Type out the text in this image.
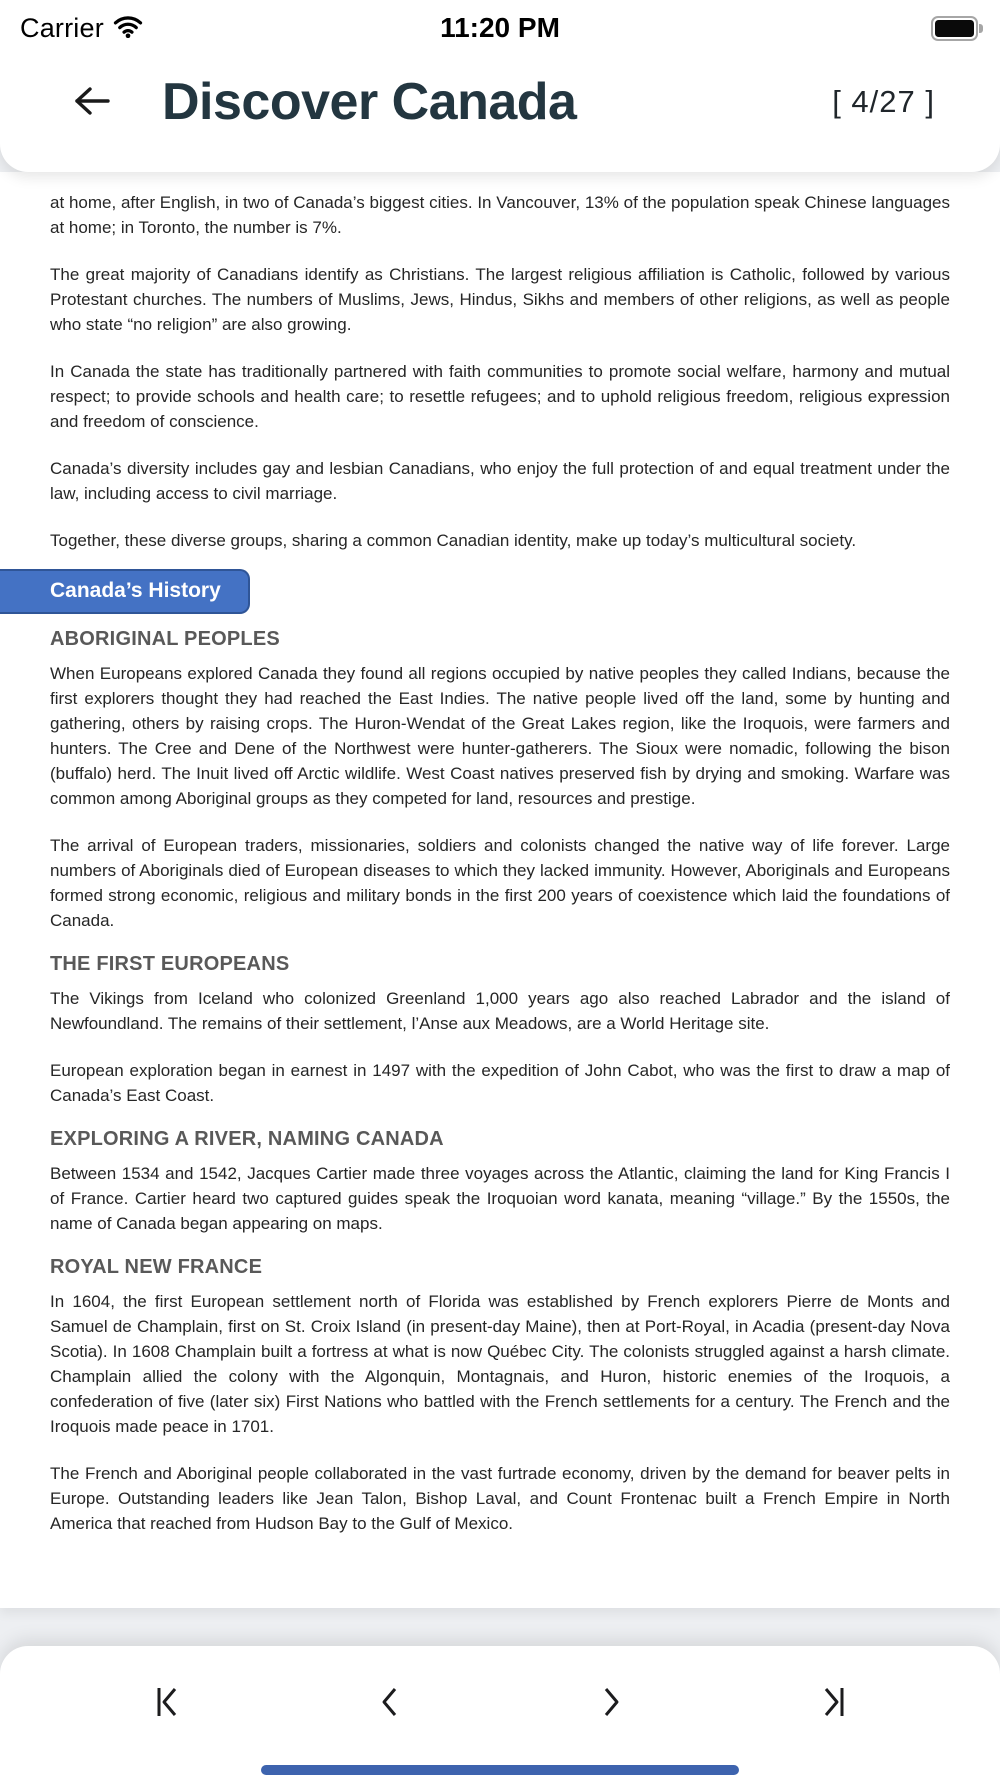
Carrier	11:20 PM
Discover Canada	[ 4/27 ]

at home, after English, in two of Canada’s biggest cities. In Vancouver, 13% of the population speak Chinese languages at home; in Toronto, the number is 7%.

The great majority of Canadians identify as Christians. The largest religious affiliation is Catholic, followed by various Protestant churches. The numbers of Muslims, Jews, Hindus, Sikhs and members of other religions, as well as people who state “no religion” are also growing.

In Canada the state has traditionally partnered with faith communities to promote social welfare, harmony and mutual respect; to provide schools and health care; to resettle refugees; and to uphold religious freedom, religious expression and freedom of conscience.

Canada’s diversity includes gay and lesbian Canadians, who enjoy the full protection of and equal treatment under the law, including access to civil marriage.

Together, these diverse groups, sharing a common Canadian identity, make up today’s multicultural society.

Canada’s History
ABORIGINAL PEOPLES

When Europeans explored Canada they found all regions occupied by native peoples they called Indians, because the first explorers thought they had reached the East Indies. The native people lived off the land, some by hunting and gathering, others by raising crops. The Huron-Wendat of the Great Lakes region, like the Iroquois, were farmers and hunters. The Cree and Dene of the Northwest were hunter-gatherers. The Sioux were nomadic, following the bison (buffalo) herd. The Inuit lived off Arctic wildlife. West Coast natives preserved fish by drying and smoking. Warfare was common among Aboriginal groups as they competed for land, resources and prestige.

The arrival of European traders, missionaries, soldiers and colonists changed the native way of life forever. Large numbers of Aboriginals died of European diseases to which they lacked immunity. However, Aboriginals and Europeans formed strong economic, religious and military bonds in the first 200 years of coexistence which laid the foundations of Canada.

THE FIRST EUROPEANS

The Vikings from Iceland who colonized Greenland 1,000 years ago also reached Labrador and the island of Newfoundland. The remains of their settlement, l’Anse aux Meadows, are a World Heritage site.

European exploration began in earnest in 1497 with the expedition of John Cabot, who was the first to draw a map of Canada’s East Coast.

EXPLORING A RIVER, NAMING CANADA

Between 1534 and 1542, Jacques Cartier made three voyages across the Atlantic, claiming the land for King Francis I of France. Cartier heard two captured guides speak the Iroquoian word kanata, meaning “village.” By the 1550s, the name of Canada began appearing on maps.

ROYAL NEW FRANCE

In 1604, the first European settlement north of Florida was established by French explorers Pierre de Monts and Samuel de Champlain, first on St. Croix Island (in present-day Maine), then at Port-Royal, in Acadia (present-day Nova Scotia). In 1608 Champlain built a fortress at what is now Québec City. The colonists struggled against a harsh climate. Champlain allied the colony with the Algonquin, Montagnais, and Huron, historic enemies of the Iroquois, a confederation of five (later six) First Nations who battled with the French settlements for a century. The French and the Iroquois made peace in 1701.

The French and Aboriginal people collaborated in the vast furtrade economy, driven by the demand for beaver pelts in Europe. Outstanding leaders like Jean Talon, Bishop Laval, and Count Frontenac built a French Empire in North America that reached from Hudson Bay to the Gulf of Mexico.
